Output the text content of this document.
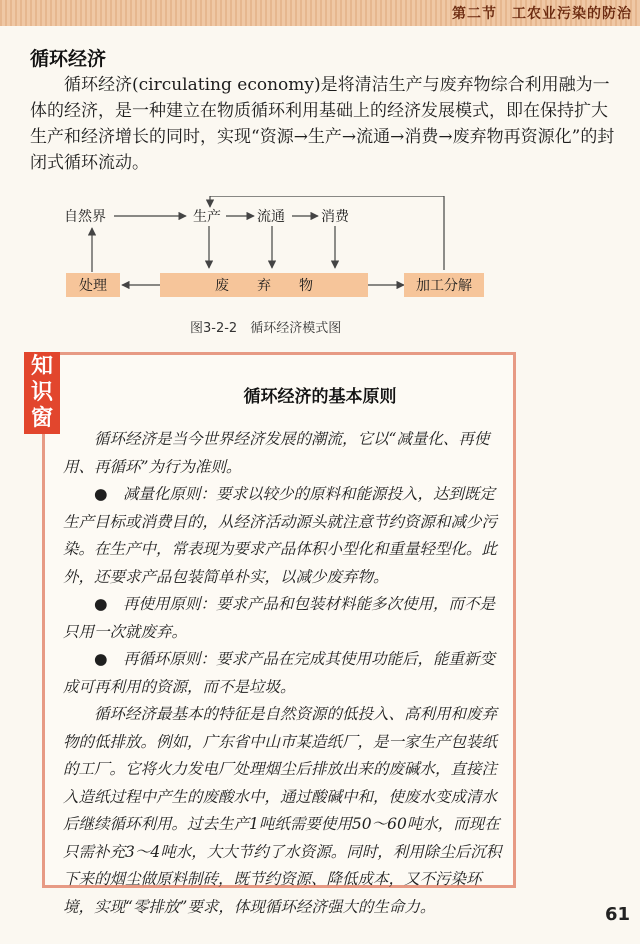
第二节　工农业污染的防治
循环经济
循环经济(circulating economy)是将清洁生产与废弃物综合利用融为一体的经济，是一种建立在物质循环利用基础上的经济发展模式，即在保持扩大生产和经济增长的同时，实现“资源→生产→流通→消费→废弃物再资源化”的封闭式循环流动。
自然界	生产	流通	消费
处理	废　　弃　　物	加工分解
图3-2-2　循环经济模式图
知识窗
循环经济的基本原则

循环经济是当今世界经济发展的潮流，它以“减量化、再使用、再循环”为行为准则。

●　减量化原则：要求以较少的原料和能源投入，达到既定生产目标或消费目的，从经济活动源头就注意节约资源和减少污染。在生产中，常表现为要求产品体积小型化和重量轻型化。此外，还要求产品包装简单朴实，以减少废弃物。

●　再使用原则：要求产品和包装材料能多次使用，而不是只用一次就废弃。

●　再循环原则：要求产品在完成其使用功能后，能重新变成可再利用的资源，而不是垃圾。

循环经济最基本的特征是自然资源的低投入、高利用和废弃物的低排放。例如，广东省中山市某造纸厂，是一家生产包装纸的工厂。它将火力发电厂处理烟尘后排放出来的废碱水，直接注入造纸过程中产生的废酸水中，通过酸碱中和，使废水变成清水后继续循环利用。过去生产1吨纸需要使用50～60吨水，而现在只需补充3～4吨水，大大节约了水资源。同时，利用除尘后沉积下来的烟尘做原料制砖，既节约资源、降低成本，又不污染环境，实现“零排放”要求，体现循环经济强大的生命力。	61
